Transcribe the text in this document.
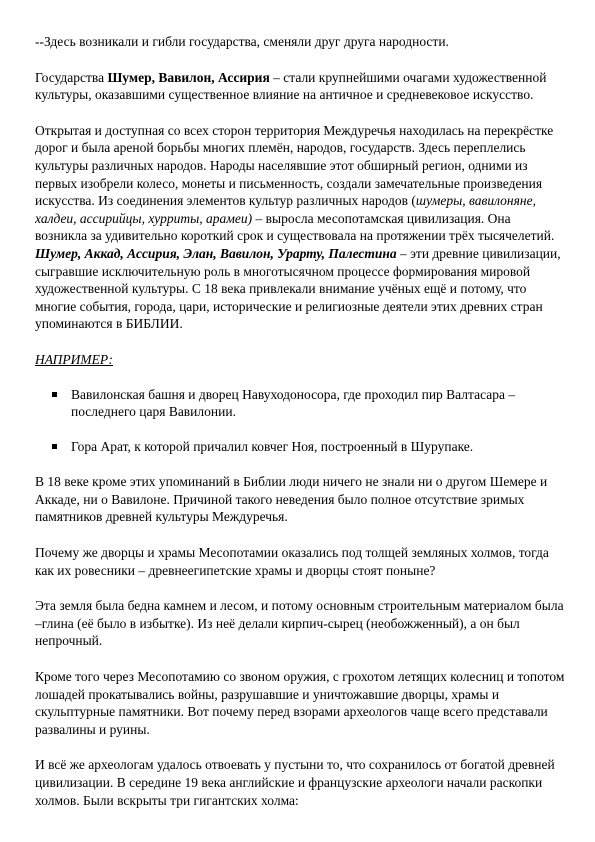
--Здесь возникали и гибли государства, сменяли друг друга народности.

Государства Шумер, Вавилон, Ассирия – стали крупнейшими очагами художественной культуры, оказавшими существенное влияние на античное и средневековое искусство.

Открытая и доступная со всех сторон территория Междуречья находилась на перекрёстке дорог и была ареной борьбы многих племён, народов, государств. Здесь переплелись культуры различных народов. Народы населявшие этот обширный регион, одними из первых изобрели колесо, монеты и письменность, создали замечательные произведения искусства. Из соединения элементов культур различных народов (шумеры, вавилоняне, халдеи, ассирийцы, хурриты, арамеи) – выросла месопотамская цивилизация. Она возникла за удивительно короткий срок и существовала на протяжении трёх тысячелетий. Шумер, Аккад, Ассирия, Элан, Вавилон, Урарту, Палестина – эти древние цивилизации, сыгравшие исключительную роль в многотысячном процессе формирования мировой художественной культуры. С 18 века привлекали внимание учёных ещё и потому, что многие события, города, цари, исторические и религиозные деятели этих древних стран упоминаются в БИБЛИИ.

НАПРИМЕР:

Вавилонская башня и дворец Навуходоносора, где проходил пир Валтасара – последнего царя Вавилонии.
Гора Арат, к которой причалил ковчег Ноя, построенный в Шурупаке.

В 18 веке кроме этих упоминаний в Библии люди ничего не знали ни о другом Шемере и Аккаде, ни о Вавилоне. Причиной такого неведения было полное отсутствие зримых памятников древней культуры Междуречья.

Почему же дворцы и храмы Месопотамии оказались под толщей земляных холмов, тогда как их ровесники – древнеегипетские храмы и дворцы стоят поныне?

Эта земля была бедна камнем и лесом, и потому основным строительным материалом была –глина (её было в избытке). Из неё делали кирпич-сырец (необожженный), а он был непрочный.

Кроме того через Месопотамию со звоном оружия, с грохотом летящих колесниц и топотом лошадей прокатывались войны, разрушавшие и уничтожавшие дворцы, храмы и скульптурные памятники. Вот почему перед взорами археологов чаще всего представали развалины и руины.

И всё же археологам удалось отвоевать у пустыни то, что сохранилось от богатой древней цивилизации. В середине 19 века английские и французские археологи начали раскопки холмов. Были вскрыты три гигантских холма:
